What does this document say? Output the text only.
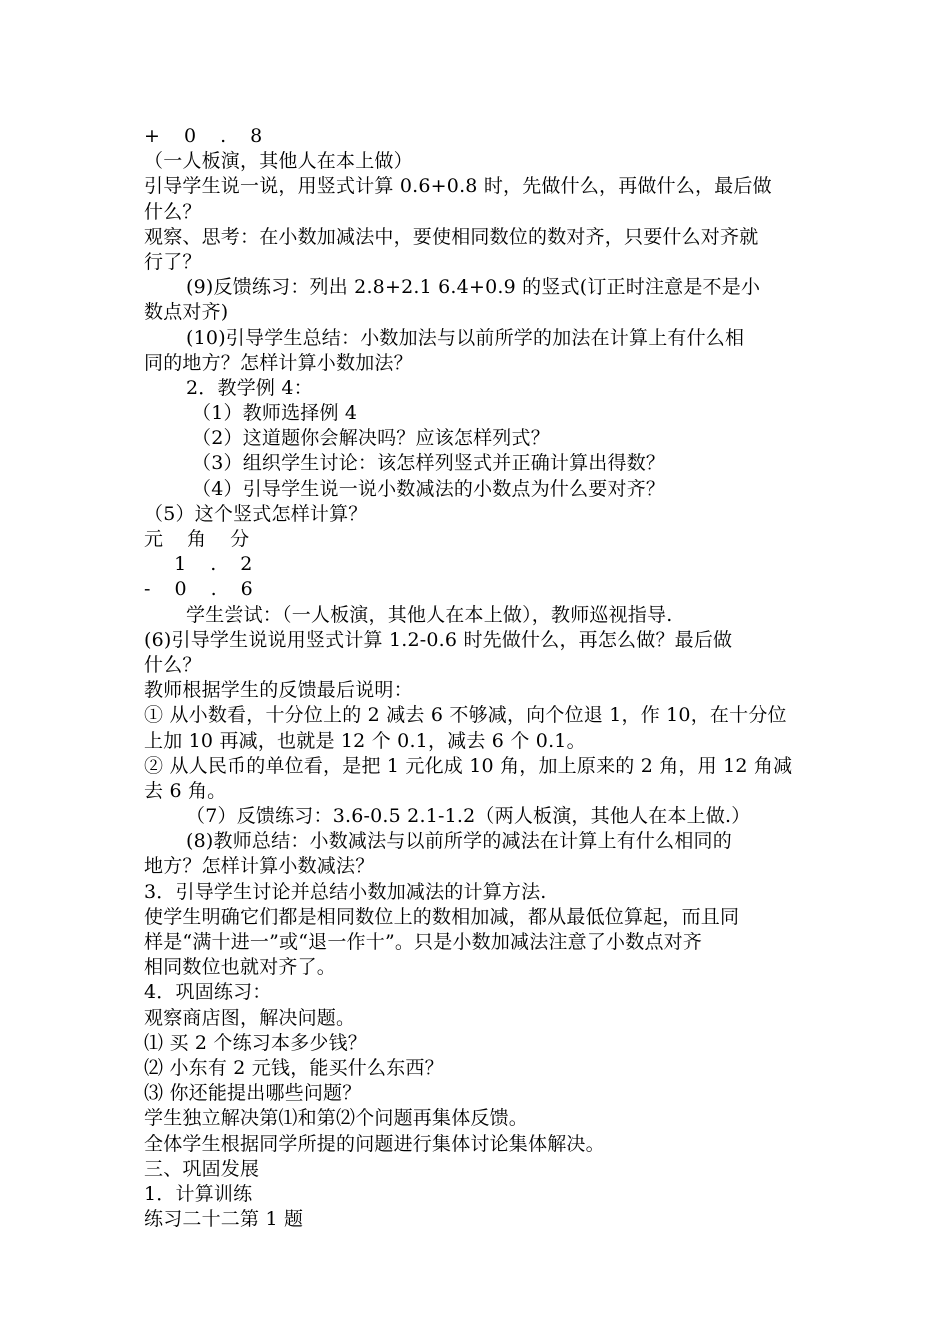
+ 0 . 8
（一人板演，其他人在本上做）
引导学生说一说，用竖式计算 0.6+0.8 时，先做什么，再做什么，最后做
什么？
观察、思考：在小数加减法中，要使相同数位的数对齐，只要什么对齐就
行了？
(9)反馈练习：列出 2.8+2.1 6.4+0.9 的竖式(订正时注意是不是小
数点对齐)
(10)引导学生总结：小数加法与以前所学的加法在计算上有什么相
同的地方？怎样计算小数加法？
2．教学例 4：
（1）教师选择例 4
（2）这道题你会解决吗？应该怎样列式？
（3）组织学生讨论：该怎样列竖式并正确计算出得数？
（4）引导学生说一说小数减法的小数点为什么要对齐？
（5）这个竖式怎样计算？
元 角 分
1 . 2
- 0 . 6
学生尝试：（一人板演，其他人在本上做），教师巡视指导.
(6)引导学生说说用竖式计算 1.2-0.6 时先做什么，再怎么做？最后做
什么？
教师根据学生的反馈最后说明：
① 从小数看，十分位上的 2 减去 6 不够减，向个位退 1，作 10，在十分位
上加 10 再减，也就是 12 个 0.1，减去 6 个 0.1。
② 从人民币的单位看，是把 1 元化成 10 角，加上原来的 2 角，用 12 角减
去 6 角。
（7）反馈练习：3.6-0.5 2.1-1.2（两人板演，其他人在本上做.）
(8)教师总结：小数减法与以前所学的减法在计算上有什么相同的
地方？怎样计算小数减法？
3．引导学生讨论并总结小数加减法的计算方法.
使学生明确它们都是相同数位上的数相加减，都从最低位算起，而且同
样是“满十进一”或“退一作十”。只是小数加减法注意了小数点对齐
相同数位也就对齐了。
4．巩固练习：
观察商店图，解决问题。
⑴ 买 2 个练习本多少钱？
⑵ 小东有 2 元钱，能买什么东西？
⑶ 你还能提出哪些问题？
学生独立解决第⑴和第⑵个问题再集体反馈。
全体学生根据同学所提的问题进行集体讨论集体解决。
三、巩固发展
1．计算训练
练习二十二第 1 题
